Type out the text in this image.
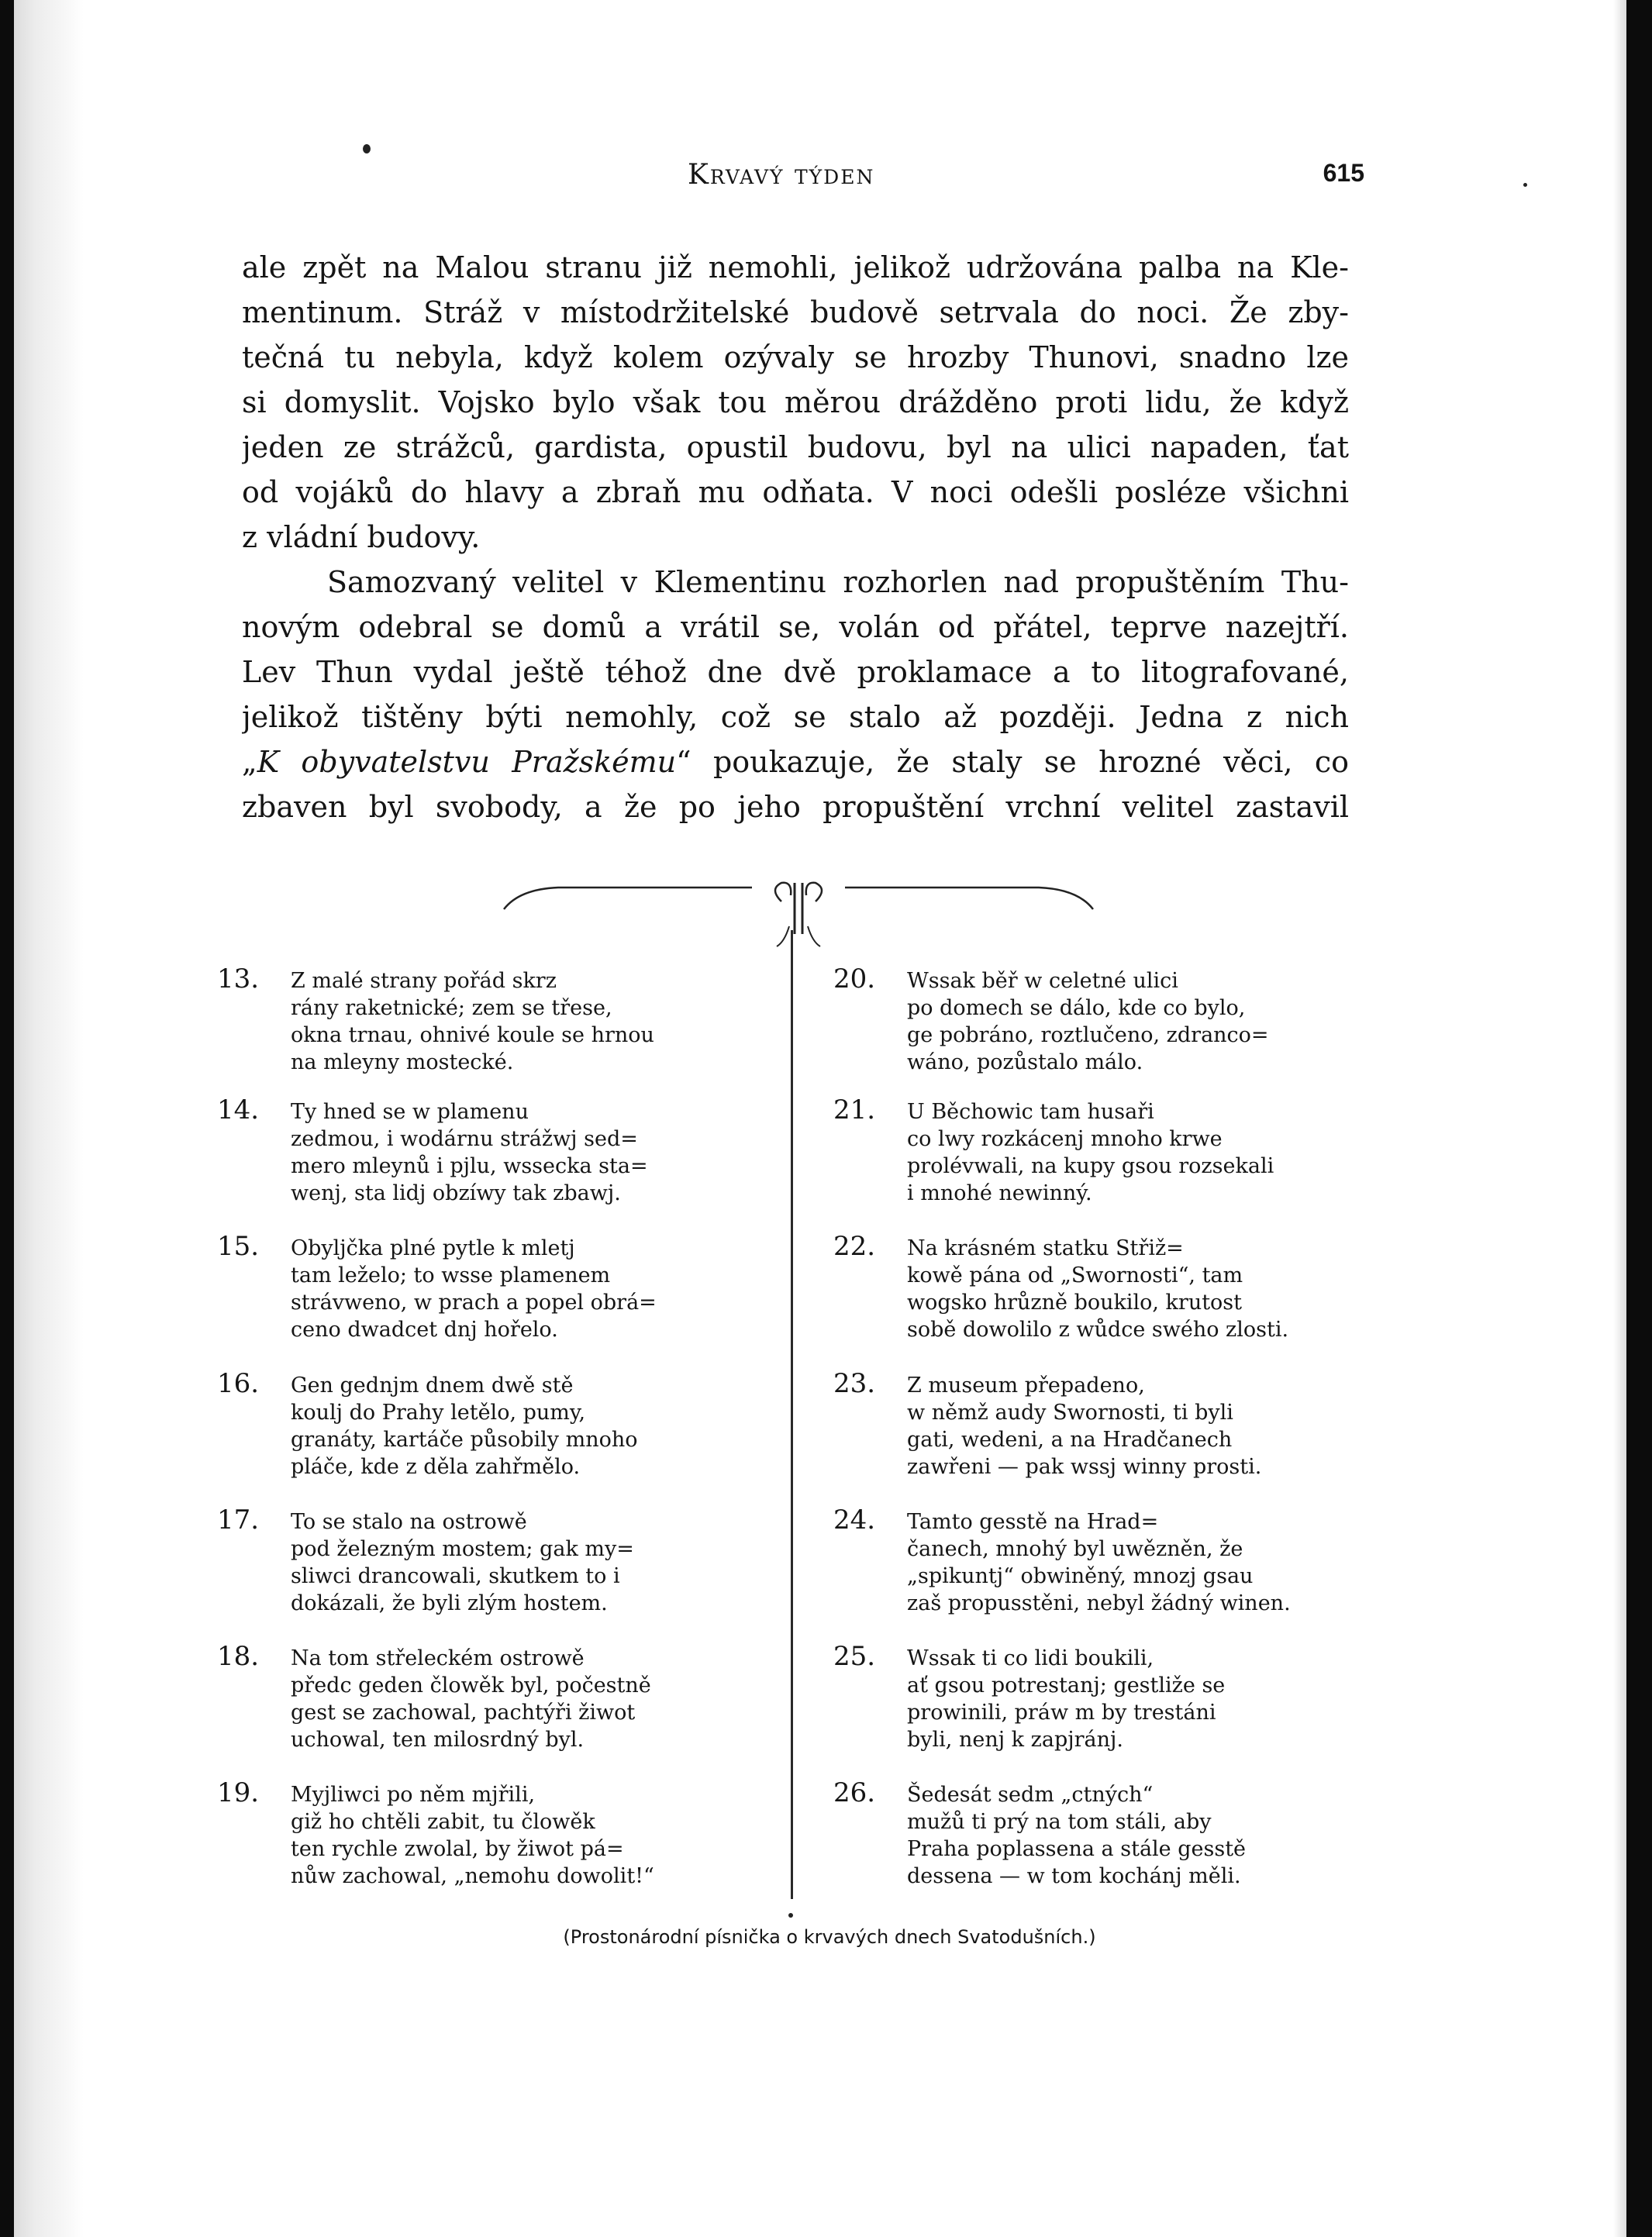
Krvavý týden	615
ale zpět na Malou stranu již nemohli, jelikož udržována palba na Kle-
mentinum. Stráž v místodržitelské budově setrvala do noci. Že zby-
tečná tu nebyla, když kolem ozývaly se hrozby Thunovi, snadno lze
si domyslit. Vojsko bylo však tou měrou drážděno proti lidu, že když
jeden ze strážců, gardista, opustil budovu, byl na ulici napaden, ťat
od vojáků do hlavy a zbraň mu odňata. V noci odešli posléze všichni
z vládní budovy.
Samozvaný velitel v Klementinu rozhorlen nad propuštěním Thu-
novým odebral se domů a vrátil se, volán od přátel, teprve nazejtří.
Lev Thun vydal ještě téhož dne dvě proklamace a to litografované,
jelikož tištěny býti nemohly, což se stalo až později. Jedna z nich
„K obyvatelstvu Pražskému“ poukazuje, že staly se hrozné věci, co
zbaven byl svobody, a že po jeho propuštění vrchní velitel zastavil
13.	Z malé strany pořád skrz
rány raketnické; zem se třese,
okna trnau, ohnivé koule se hrnou
na mleyny mostecké.
14.	Ty hned se w plamenu
zedmou, i wodárnu strážwj sed=
mero mlеynů i pjlu, wssecka sta=
wenj, sta lidj obzíwy tak zbawj.
15.	Obyljčka plné pytle k mletj
tam leželo; to wsse plamenem
strávweno, w prach a popel obrá=
ceno dwadcet dnj hořelo.
16.	Gen gednjm dnem dwě stě
koulj do Prahy letělo, pumy,
granáty, kartáče působily mnoho
pláče, kde z děla zahřmělo.
17.	To se stalo na ostrowě
pod železným mostem; gak my=
sliwci drancowali, skutkem to i
dokázali, že byli zlým hostem.
18.	Na tom střeleckém ostrowě
předc geden člowěk byl, počestně
gest se zachowal, pachtýři žiwot
uchowal, ten milosrdný byl.
19.	Myjliwci po něm mjřili,
giž ho chtěli zabit, tu člowěk
ten rychle zwolal, by žiwot pá=
nůw zachowal, „nemohu dowolit!“
20.	Wssak běř w celetné ulici
po domech se dálo, kde co bylo,
ge pobráno, roztlučeno, zdranco=
wáno, pozůstalo málo.
21.	U Běchowic tam husaři
co lwy rozkácenj mnoho krwe
prolévwali, na kupy gsou rozsekali
i mnohé newinný.
22.	Na krásném statku Střiž=
kowě pána od „Swornosti“, tam
wogsko hrůzně boukilo, krutost
sobě dowolilo z wůdce swého zlosti.
23.	Z museum přepadeno,
w němž audy Swornosti, ti byli
gati, wedeni, a na Hradčanech
zawřeni — pak wssj winny prosti.
24.	Tamto gesstě na Hrad=
čanech, mnohý byl uwězněn, že
„spikuntj“ obwiněný, mnozj gsau
zaš propusstěni, nebyl žádný winen.
25.	Wssak ti co lidi boukili,
ať gsou potrestanj; gestliže se
prowinili, práw m by trestáni
byli, nenj k zapjránj.
26.	Šedesát sedm „ctných“
mužů ti prý na tom stáli, aby
Praha poplassena a stále gesstě
dessena — w tom kochánj měli.
(Prostonárodní písnička o krvavých dnech Svatodušních.)
